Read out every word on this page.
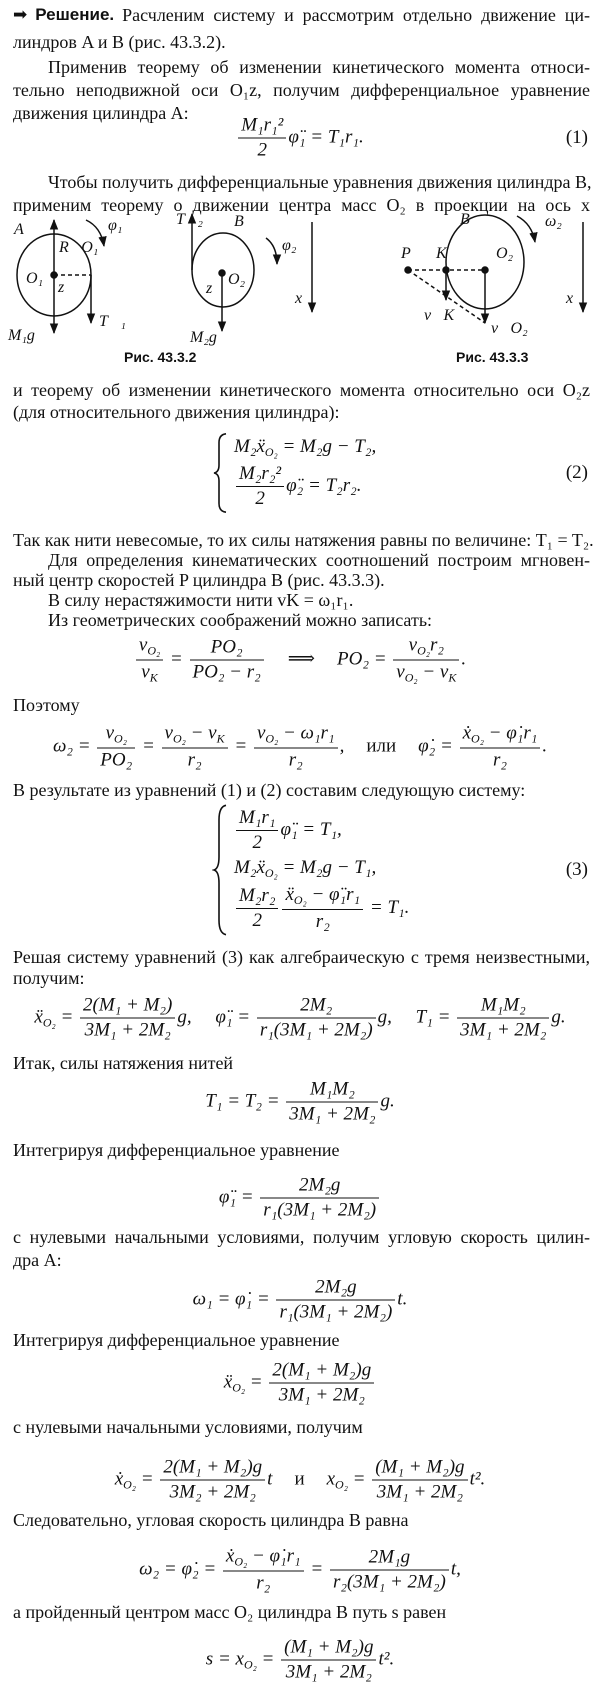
➡ Решение. Расчленим систему и рассмотрим отдельно движение ци-
линдров A и B (рис. 43.3.2).
Применив теорему об изменении кинетического момента относи-
тельно неподвижной оси O₁z, получим дифференциальное уравнение
движения цилиндра A:
Чтобы получить дифференциальные уравнения движения цилиндра B,
применим теорему о движении центра масс O₂ в проекции на ось x
и теорему об изменении кинетического момента относительно оси O₂z
(для относительного движения цилиндра):
Так как нити невесомые, то их силы натяжения равны по величине: T₁ = T₂.
Для определения кинематических соотношений построим мгновен-
ный центр скоростей P цилиндра B (рис. 43.3.3).
В силу нерастяжимости нити vK = ω₁r₁.
Из геометрических соображений можно записать:
Поэтому
В результате из уравнений (1) и (2) составим следующую систему:
Решая систему уравнений (3) как алгебраическую с тремя неизвестными,
получим:
Итак, силы натяжения нитей
Интегрируя дифференциальное уравнение
с нулевыми начальными условиями, получим угловую скорость цилин-
дра A:
Интегрируя дифференциальное уравнение
с нулевыми начальными условиями, получим
Следовательно, угловая скорость цилиндра B равна
а пройденный центром масс O₂ цилиндра B путь s равен
$\frac{\text{M₁r₁²}}{2}$ φ̈₁ = T₁r₁.	(1)
M₂ẍ$_{O_2}$ = M₂g − T₂,
$\frac{\text{M₂r₂²}}{2}$ φ̈₂ = T₂r₂.
(2)
$\frac{v_{O_2}}{v_K} = \frac{\text{PO₂}}{\text{PO₂ − r₂}}$ ⟹ $PO_2 = \frac{v_{O_2}r_2}{v_{O_2} - v_K}$ .
$\omega_2 = \frac{v_{O_2}}{\text{PO₂}} = \frac{v_{O_2} - v_K}{\text{r₂}} = \frac{v_{O_2} - \omega_1r_1}{\text{r₂}}$ , или φ̇₂ = $\frac{ẋ_{O_2} - \varphi̇_1r_1}{\text{r₂}}$ .
$\frac{\text{M₁r₁}}{2}$ φ̈₁ = T₁,
M₂ẍ$_{O_2}$ = M₂g − T₁,
$\frac{\text{M₂r₂}}{2} \frac{ẍ_{O_2} - \varphï_1r_1}{\text{r₂}} = T_1$.
(3)
ẍ$_{O_2}$ = $\frac{\text{2(M₁ + M₂)}}{\text{3M₁ + 2M₂}} g$,     φ̈₁ = $\frac{\text{2M₂}}{\text{r₁(3M₁ + 2M₂)}} g$,     $T_1 = \frac{\text{M₁M₂}}{\text{3M₁ + 2M₂}} g$.
$T_1 = T_2 = \frac{\text{M₁M₂}}{\text{3M₁ + 2M₂}} g$.
φ̈₁ = $\frac{\text{2M₂g}}{\text{r₁(3M₁ + 2M₂)}}$
ω₁ = φ̇₁ = $\frac{\text{2M₂g}}{\text{r₁(3M₁ + 2M₂)}} t$.
ẍ$_{O_2}$ = $\frac{\text{2(M₁ + M₂)g}}{\text{3M₁ + 2M₂}}$
ẋ$_{O_2}$ = $\frac{\text{2(M₁ + M₂)g}}{\text{3M₂ + 2M₂}}$ t и $x_{O_2} = \frac{\text{(M₁ + M₂)g}}{\text{3M₁ + 2M₂}} t^2$.
ω₂ = φ̇₂ = $\frac{ẋ_{O_2} - \varphi̇_1r_1}{\text{r₂}} = \frac{\text{2M₁g}}{\text{r₂(3M₁ + 2M₂)}} t$,
$s = x_{O_2} = \frac{\text{(M₁ + M₂)g}}{\text{3M₁ + 2M₂}} t^2$.
A	φ₁
R⃗O₁
O₁
z
M₁g⃗
T⃗₁
T⃗₂ B
φ₂
z
O₂
M₂g⃗
x
B	ω₂
P K	O₂
v⃗K
v⃗O₂
x
Рис. 43.3.2	Рис. 43.3.3
